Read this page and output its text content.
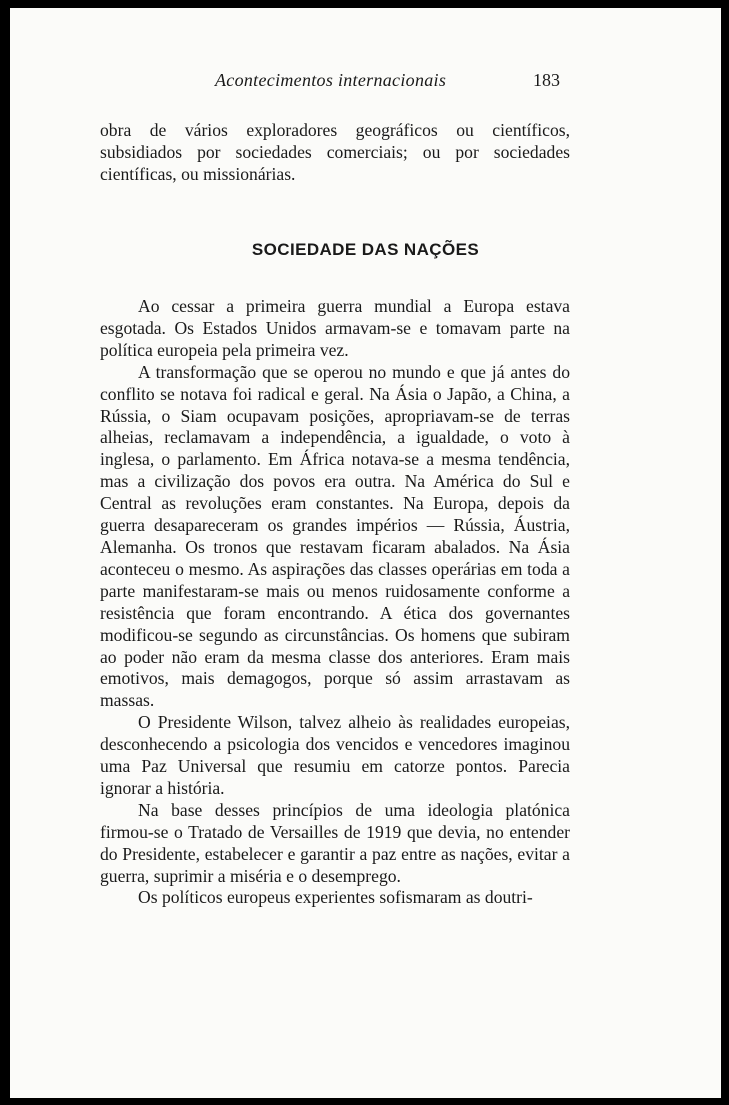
Acontecimentos internacionais	183

obra de vários exploradores geográficos ou científicos, subsidiados por sociedades comerciais; ou por sociedades científicas, ou missionárias.

SOCIEDADE DAS NAÇÕES

Ao cessar a primeira guerra mundial a Europa estava esgotada. Os Estados Unidos armavam-se e tomavam parte na política europeia pela primeira vez.

A transformação que se operou no mundo e que já antes do conflito se notava foi radical e geral. Na Ásia o Japão, a China, a Rússia, o Siam ocupavam posições, apropriavam-se de terras alheias, reclamavam a independência, a igualdade, o voto à inglesa, o parlamento. Em África notava-se a mesma tendência, mas a civilização dos povos era outra. Na América do Sul e Central as revoluções eram constantes. Na Europa, depois da guerra desapareceram os grandes impérios — Rússia, Áustria, Alemanha. Os tronos que restavam ficaram abalados. Na Ásia aconteceu o mesmo. As aspirações das classes operárias em toda a parte manifestaram-se mais ou menos ruidosamente conforme a resistência que foram encontrando. A ética dos governantes modificou-se segundo as circunstâncias. Os homens que subiram ao poder não eram da mesma classe dos anteriores. Eram mais emotivos, mais demagogos, porque só assim arrastavam as massas.

O Presidente Wilson, talvez alheio às realidades europeias, desconhecendo a psicologia dos vencidos e vencedores imaginou uma Paz Universal que resumiu em catorze pontos. Parecia ignorar a história.

Na base desses princípios de uma ideologia platónica firmou-se o Tratado de Versailles de 1919 que devia, no entender do Presidente, estabelecer e garantir a paz entre as nações, evitar a guerra, suprimir a miséria e o desemprego.

Os políticos europeus experientes sofismaram as doutri-
